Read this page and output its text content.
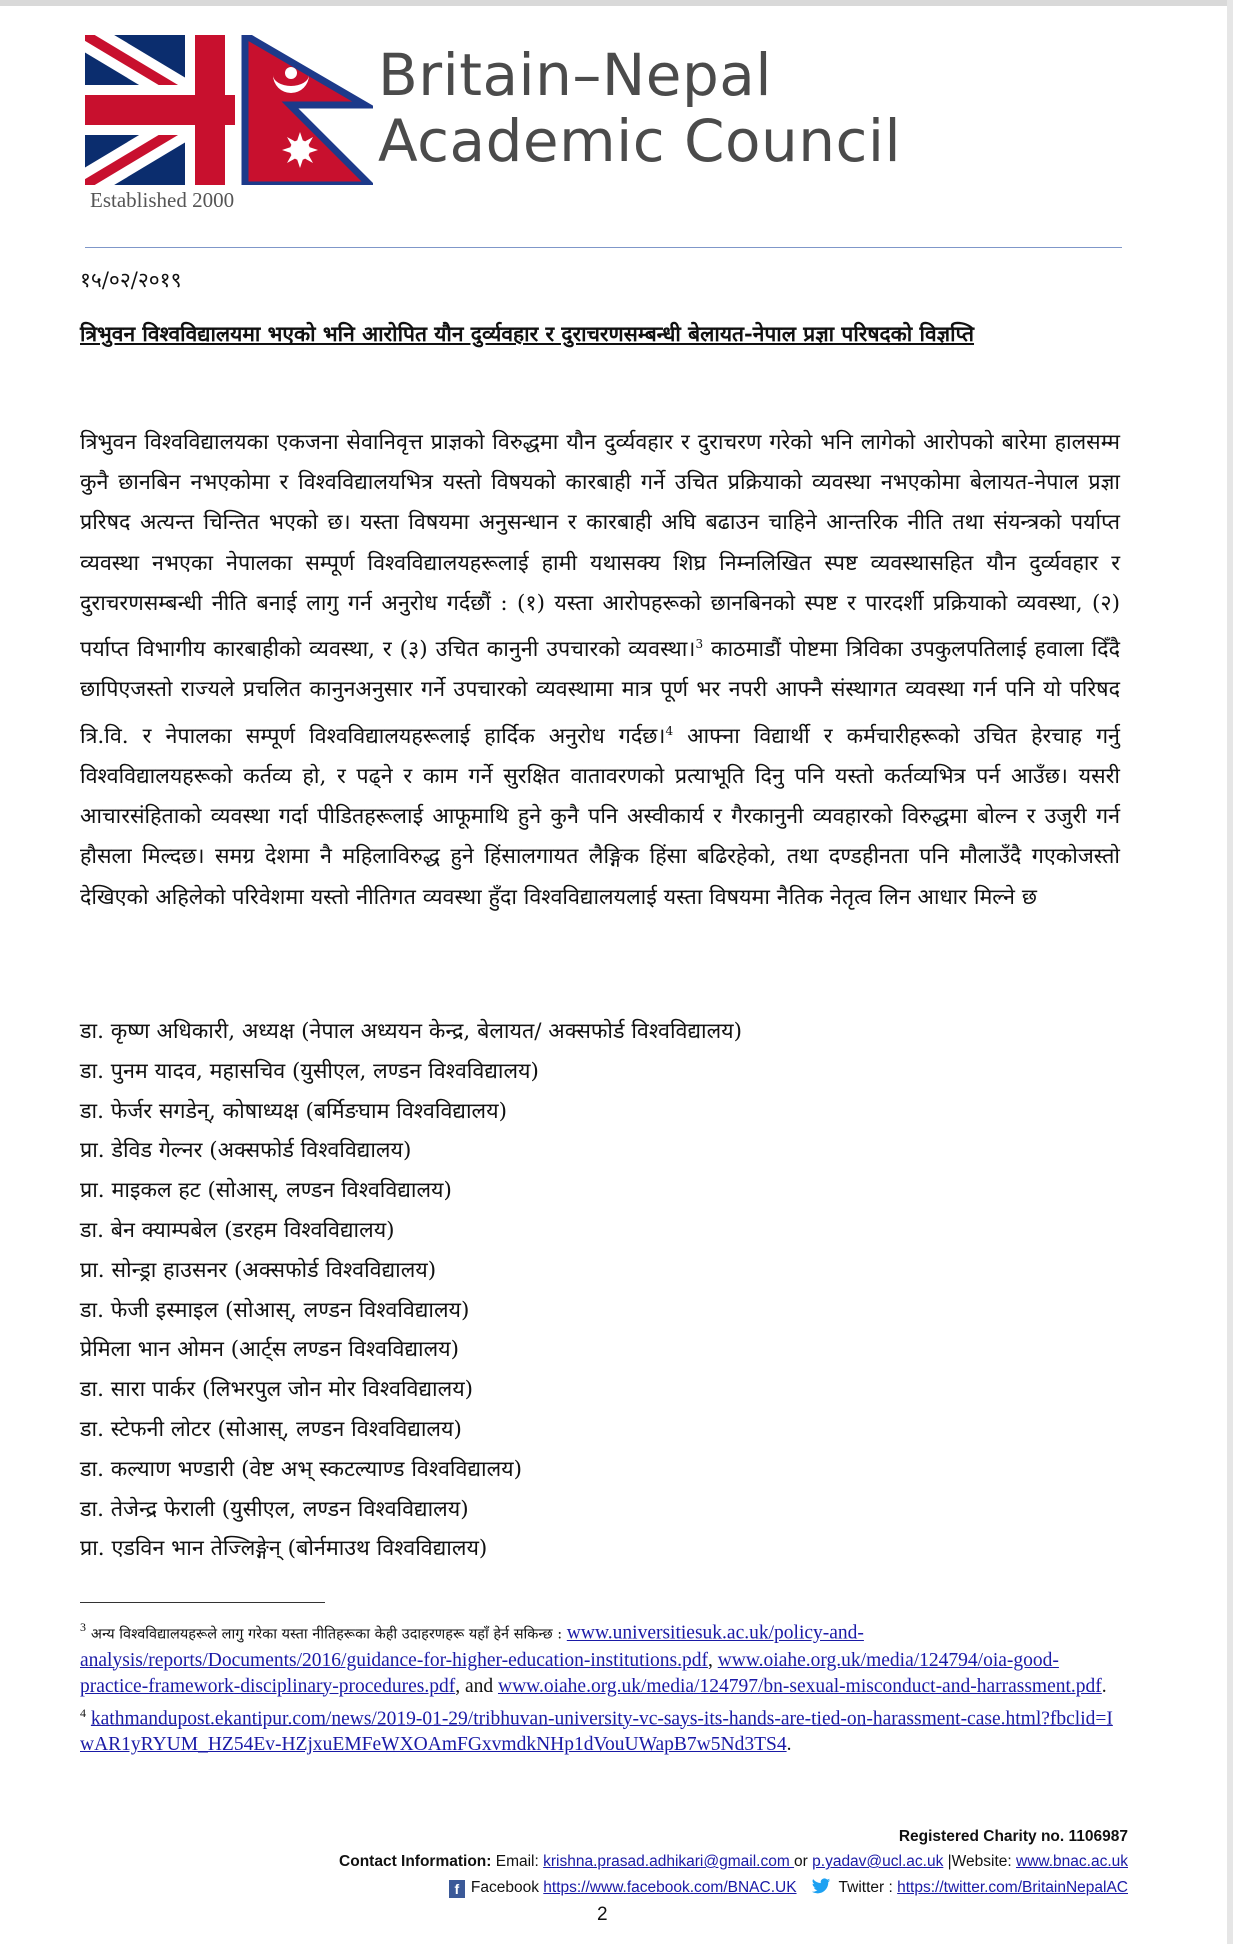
Britain–Nepal
Academic Council
Established 2000
१५/०२/२०१९
त्रिभुवन विश्वविद्यालयमा भएको भनि आरोपित यौन दुर्व्यवहार र दुराचरणसम्बन्धी बेलायत-नेपाल प्रज्ञा परिषदको विज्ञप्ति
त्रिभुवन विश्वविद्यालयका एकजना सेवानिवृत्त प्राज्ञको विरुद्धमा यौन दुर्व्यवहार र दुराचरण गरेको भनि लागेको आरोपको बारेमा हालसम्म कुनै छानबिन नभएकोमा र विश्वविद्यालयभित्र यस्तो विषयको कारबाही गर्ने उचित प्रक्रियाको व्यवस्था नभएकोमा बेलायत-नेपाल प्रज्ञा प्ररिषद अत्यन्त चिन्तित भएको छ। यस्ता विषयमा अनुसन्धान र कारबाही अघि बढाउन चाहिने आन्तरिक नीति तथा संयन्त्रको पर्याप्त व्यवस्था नभएका नेपालका सम्पूर्ण विश्वविद्यालयहरूलाई हामी यथासक्य शिघ्र निम्नलिखित स्पष्ट व्यवस्थासहित यौन दुर्व्यवहार र दुराचरणसम्बन्धी नीति बनाई लागु गर्न अनुरोध गर्दछौं : (१) यस्ता आरोपहरूको छानबिनको स्पष्ट र पारदर्शी प्रक्रियाको व्यवस्था, (२) पर्याप्त विभागीय कारबाहीको व्यवस्था, र (३) उचित कानुनी उपचारको व्यवस्था।$^3$ काठमाडौं पोष्टमा त्रिविका उपकुलपतिलाई हवाला दिँदै छापिएजस्तो राज्यले प्रचलित कानुनअनुसार गर्ने उपचारको व्यवस्थामा मात्र पूर्ण भर नपरी आफ्नै संस्थागत व्यवस्था गर्न पनि यो परिषद त्रि.वि. र नेपालका सम्पूर्ण विश्वविद्यालयहरूलाई हार्दिक अनुरोध गर्दछ।$^4$ आफ्ना विद्यार्थी र कर्मचारीहरूको उचित हेरचाह गर्नु विश्वविद्यालयहरूको कर्तव्य हो, र पढ्ने र काम गर्ने सुरक्षित वातावरणको प्रत्याभूति दिनु पनि यस्तो कर्तव्यभित्र पर्न आउँछ। यसरी आचारसंहिताको व्यवस्था गर्दा पीडितहरूलाई आफूमाथि हुने कुनै पनि अस्वीकार्य र गैरकानुनी व्यवहारको विरुद्धमा बोल्न र उजुरी गर्न हौसला मिल्दछ। समग्र देशमा नै महिलाविरुद्ध हुने हिंसालगायत लैङ्गिक हिंसा बढिरहेको, तथा दण्डहीनता पनि मौलाउँदै गएकोजस्तो देखिएको अहिलेको परिवेशमा यस्तो नीतिगत व्यवस्था हुँदा विश्वविद्यालयलाई यस्ता विषयमा नैतिक नेतृत्व लिन आधार मिल्ने छ
डा. कृष्ण अधिकारी, अध्यक्ष (नेपाल अध्ययन केन्द्र, बेलायत/ अक्सफोर्ड विश्वविद्यालय)
डा. पुनम यादव, महासचिव (युसीएल, लण्डन विश्वविद्यालय)
डा. फेर्जर सगडेन्, कोषाध्यक्ष (बर्मिङघाम विश्वविद्यालय)
प्रा. डेविड गेल्नर (अक्सफोर्ड विश्वविद्यालय)
प्रा. माइकल हट (सोआस्, लण्डन विश्वविद्यालय)
डा. बेन क्याम्पबेल (डरहम विश्वविद्यालय)
प्रा. सोन्ड्रा हाउसनर (अक्सफोर्ड विश्वविद्यालय)
डा. फेजी इस्माइल (सोआस्, लण्डन विश्वविद्यालय)
प्रेमिला भान ओमन (आर्ट्स लण्डन विश्वविद्यालय)
डा. सारा पार्कर (लिभरपुल जोन मोर विश्वविद्यालय)
डा. स्टेफनी लोटर (सोआस्, लण्डन विश्वविद्यालय)
डा. कल्याण भण्डारी (वेष्ट अभ् स्कटल्याण्ड विश्वविद्यालय)
डा. तेजेन्द्र फेराली (युसीएल, लण्डन विश्वविद्यालय)
प्रा. एडविन भान तेज्लिङ्गेन् (बोर्नमाउथ विश्वविद्यालय)
$^3$ अन्य विश्वविद्यालयहरूले लागु गरेका यस्ता नीतिहरूका केही उदाहरणहरू यहाँ हेर्न सकिन्छ : www.universitiesuk.ac.uk/policy-and-analysis/reports/Documents/2016/guidance-for-higher-education-institutions.pdf, www.oiahe.org.uk/media/124794/oia-good-practice-framework-disciplinary-procedures.pdf, and www.oiahe.org.uk/media/124797/bn-sexual-misconduct-and-harrassment.pdf.
$^4$ kathmandupost.ekantipur.com/news/2019-01-29/tribhuvan-university-vc-says-its-hands-are-tied-on-harassment-case.html?fbclid=IwAR1yRYUM_HZ54Ev-HZjxuEMFeWXOAmFGxvmdkNHp1dVouUWapB7w5Nd3TS4.
Registered Charity no. 1106987
Contact Information: Email: krishna.prasad.adhikari@gmail.com or p.yadav@ucl.ac.uk |Website: www.bnac.ac.uk
f Facebook https://www.facebook.com/BNAC.UK	Twitter : https://twitter.com/BritainNepalAC
2
